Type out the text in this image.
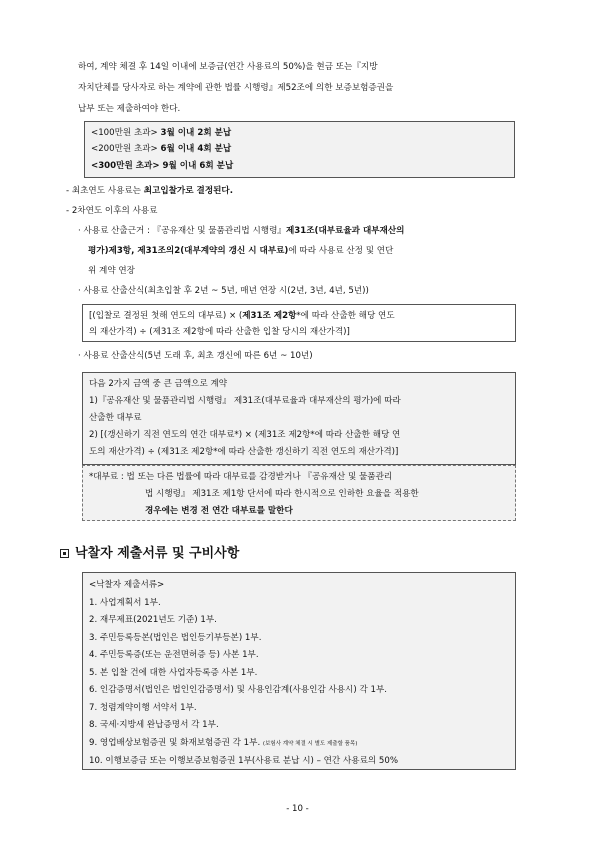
하여, 계약 체결 후 14일 이내에 보증금(연간 사용료의 50%)을 현금 또는『지방
자치단체를 당사자로 하는 계약에 관한 법률 시행령』제52조에 의한 보증보험증권을
납부 또는 제출하여야 한다.
<100만원 초과> 3월 이내 2회 분납
<200만원 초과> 6월 이내 4회 분납
<300만원 초과> 9월 이내 6회 분납
- 최초연도 사용료는 최고입찰가로 결정된다.
- 2차연도 이후의 사용료
· 사용료 산출근거 : 『공유재산 및 물품관리법 시행령』제31조(대부료율과 대부재산의
평가)제3항, 제31조의2(대부계약의 갱신 시 대부료)에 따라 사용료 산정 및 연단
위 계약 연장
· 사용료 산출산식(최초입찰 후 2년 ~ 5년, 매년 연장 시(2년, 3년, 4년, 5년))
[(입찰로 결정된 첫해 연도의 대부료) × (제31조 제2항*에 따라 산출한 해당 연도
의 재산가격) ÷ (제31조 제2항에 따라 산출한 입찰 당시의 재산가격)]
· 사용료 산출산식(5년 도래 후, 최초 갱신에 따른 6년 ~ 10년)
다음 2가지 금액 중 큰 금액으로 계약
1)『공유재산 및 물품관리법 시행령』 제31조(대부료율과 대부재산의 평가)에 따라
산출한 대부료
2) [(갱신하기 직전 연도의 연간 대부료*) × (제31조 제2항*에 따라 산출한 해당 연
도의 재산가격) ÷ (제31조 제2항*에 따라 산출한 갱신하기 직전 연도의 재산가격)]
*대부료 : 법 또는 다른 법률에 따라 대부료를 감경받거나 『공유재산 및 물품관리
법 시행령』 제31조 제1항 단서에 따라 한시적으로 인하한 요율을 적용한
경우에는 변경 전 연간 대부료를 말한다
낙찰자 제출서류 및 구비사항
<낙찰자 제출서류>
1. 사업계획서 1부.
2. 재무제표(2021년도 기준) 1부.
3. 주민등록등본(법인은 법인등기부등본) 1부.
4. 주민등록증(또는 운전면허증 등) 사본 1부.
5. 본 입찰 건에 대한 사업자등록증 사본 1부.
6. 인감증명서(법인은 법인인감증명서) 및 사용인감계(사용인감 사용시) 각 1부.
7. 청렴계약이행 서약서 1부.
8. 국세·지방세 완납증명서 각 1부.
9. 영업배상보험증권 및 화재보험증권 각 1부. (보험사 계약 체결 시 별도 제출할 품목)
10. 이행보증금 또는 이행보증보험증권 1부(사용료 분납 시) – 연간 사용료의 50%
- 10 -
